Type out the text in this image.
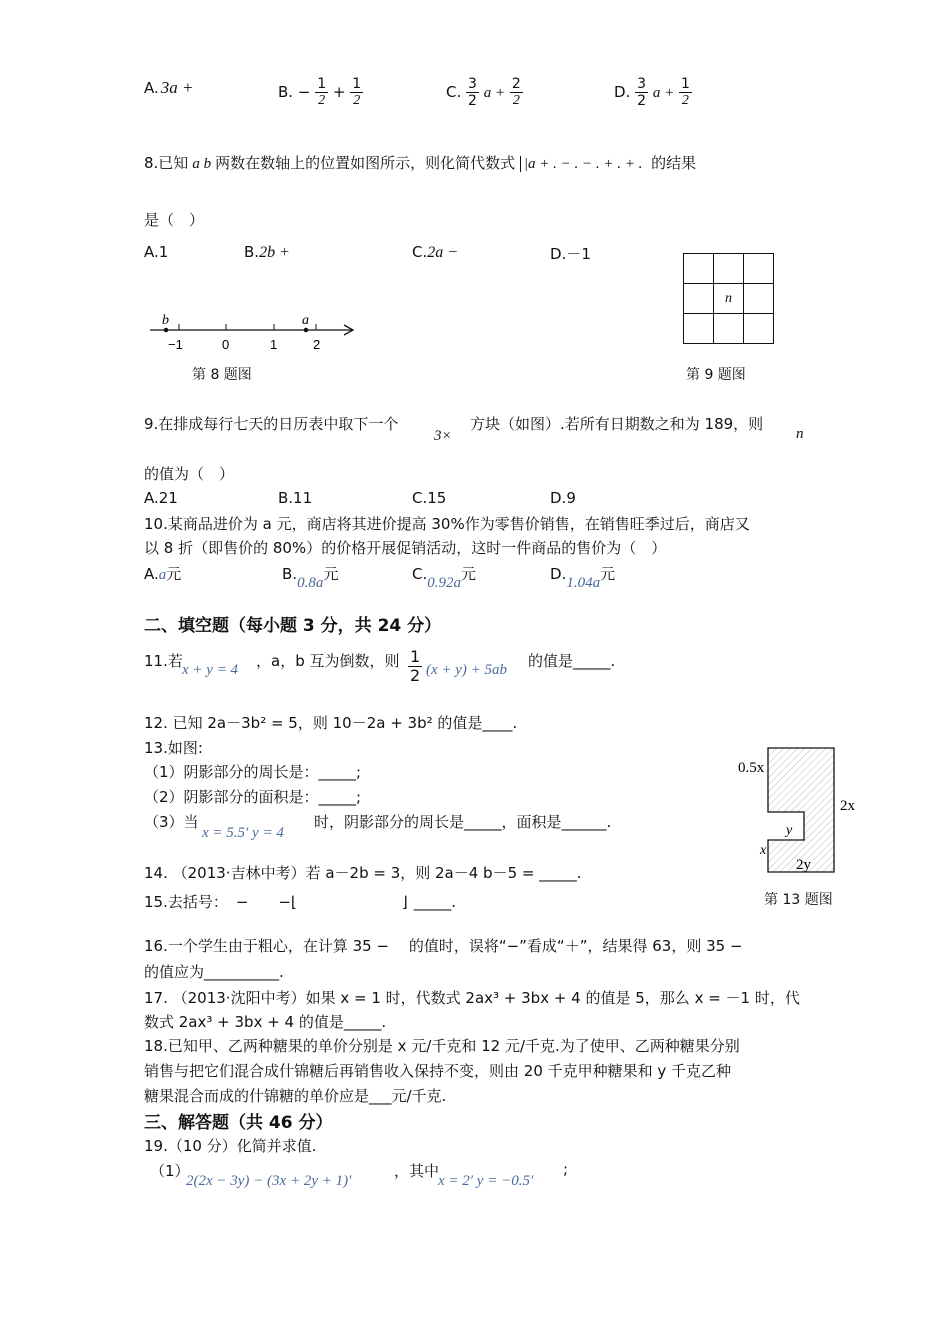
A. 3a +	B. − $\frac{1}{2} + \frac{1}{2}$	C. $\frac{3}{2}$ $a + \frac{2}{2}$	D. $\frac{3}{2}$ $a + \frac{1}{2}$
8.已知 a b 两数在数轴上的位置如图所示，则化简代数式 |a + . − . − . + . + . 的结果
是（　）
A.1	B.2b +	C.2a −	D.－1
b	a
−1	0	1	2
第 8 题图

	n	

第 9 题图
9.在排成每行七天的日历表中取下一个
3×
方块（如图）.若所有日期数之和为 189，则
n
的值为（　）
A.21	B.11	C.15	D.9
10.某商品进价为 a 元，商店将其进价提高 30%作为零售价销售，在销售旺季过后，商店又
以 8 折（即售价的 80%）的价格开展促销活动，这时一件商品的售价为（　）
A.a元	B.0.8a元	C.0.92a元	D.1.04a元
二、填空题（每小题 3 分，共 24 分）
11.若 x + y = 4 ，a，b 互为倒数，则 $\frac{1}{2} (x + y) + 5ab$ 的值是_____.
12. 已知 2a－3b² = 5，则 10－2a + 3b² 的值是____.
13.如图:
（1）阴影部分的周长是：_____;
（2）阴影部分的面积是：_____;
（3）当
x = 5.5′ y = 4
时，阴影部分的周长是_____，面积是______.
0.5x
2x
y
x
2y
第 13 题图
14. （2013·吉林中考）若 a－2b = 3，则 2a－4 b－5 = _____.
15.去括号： −　　−⌊　　　　　　　⌋ _____.
16.一个学生由于粗心，在计算 35 −　 的值时，误将“−”看成“＋”，结果得 63，则 35 −
的值应为__________.
17. （2013·沈阳中考）如果 x = 1 时，代数式 2ax³ + 3bx + 4 的值是 5，那么 x = －1 时，代
数式 2ax³ + 3bx + 4 的值是_____.
18.已知甲、乙两种糖果的单价分别是 x 元/千克和 12 元/千克.为了使甲、乙两种糖果分别
销售与把它们混合成什锦糖后再销售收入保持不变，则由 20 千克甲种糖果和 y 千克乙种
糖果混合而成的什锦糖的单价应是___元/千克.
三、解答题（共 46 分）
19.（10 分）化简并求值.
（1）
2(2x − 3y) − (3x + 2y + 1)′
，其中
x = 2′ y = −0.5′
;
